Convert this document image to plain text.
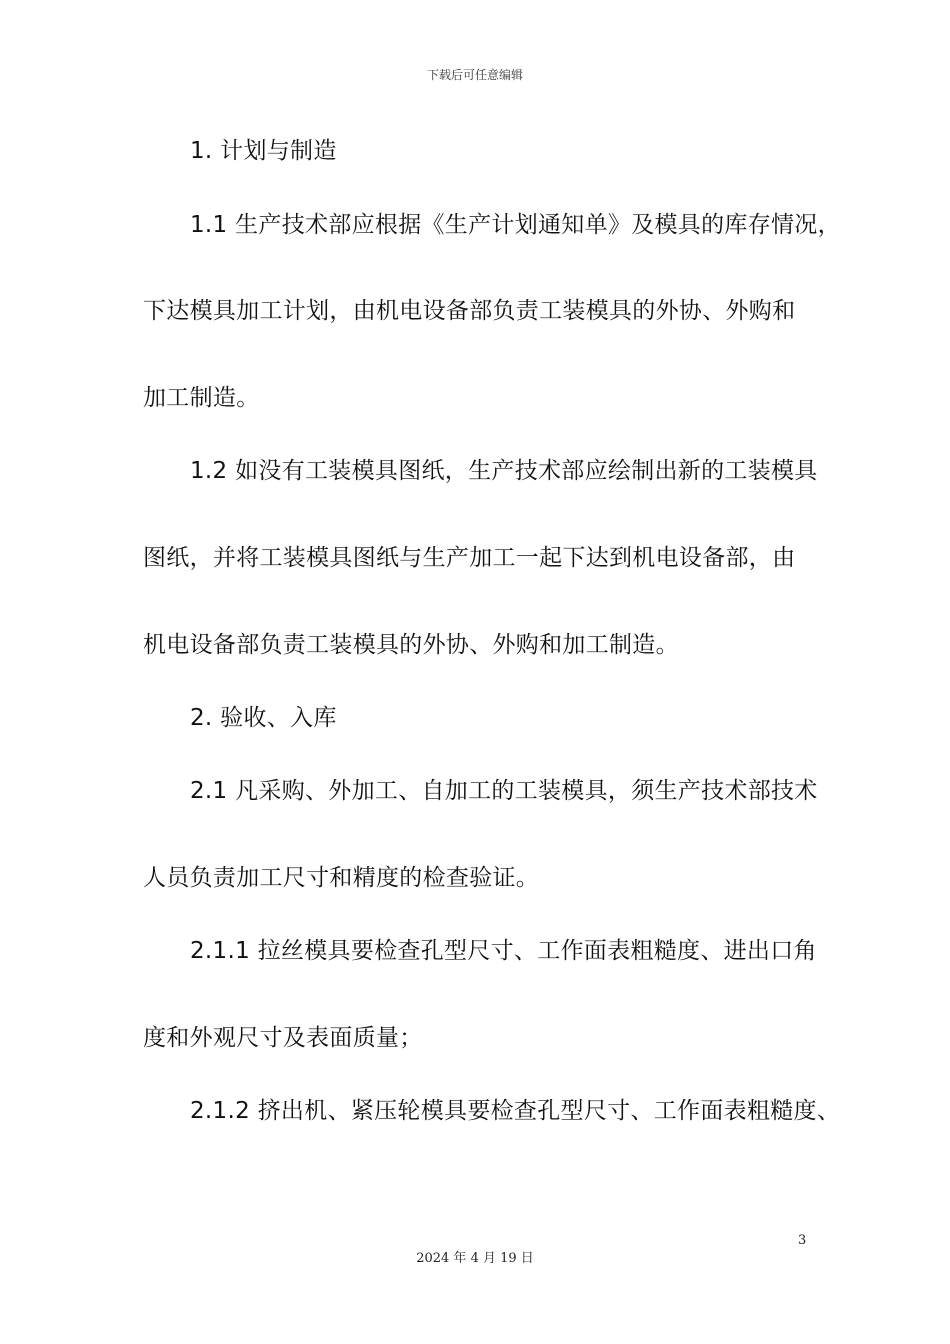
下载后可任意编辑
1. 计划与制造
1.1 生产技术部应根据《生产计划通知单》及模具的库存情况，
下达模具加工计划，由机电设备部负责工装模具的外协、外购和
加工制造。
1.2 如没有工装模具图纸，生产技术部应绘制出新的工装模具
图纸，并将工装模具图纸与生产加工一起下达到机电设备部，由
机电设备部负责工装模具的外协、外购和加工制造。
2. 验收、入库
2.1 凡采购、外加工、自加工的工装模具，须生产技术部技术
人员负责加工尺寸和精度的检查验证。
2.1.1 拉丝模具要检查孔型尺寸、工作面表粗糙度、进出口角
度和外观尺寸及表面质量；
2.1.2 挤出机、紧压轮模具要检查孔型尺寸、工作面表粗糙度、
3
2024 年 4 月 19 日
